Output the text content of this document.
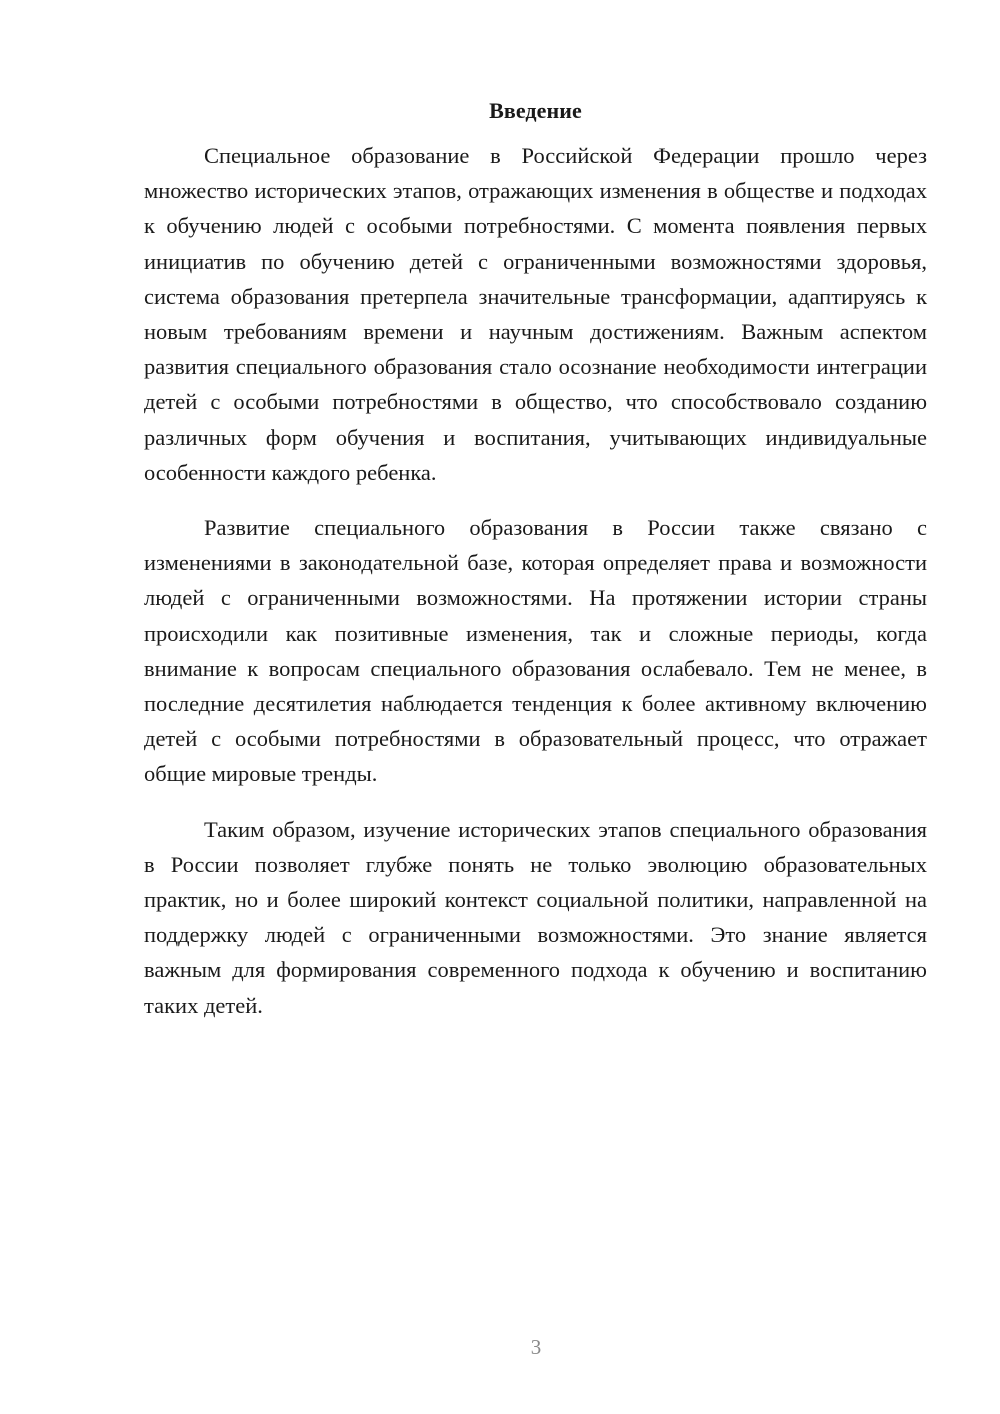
Введение

Специальное образование в Российской Федерации прошло через множество исторических этапов, отражающих изменения в обществе и подходах к обучению людей с особыми потребностями. С момента появления первых инициатив по обучению детей с ограниченными возможностями здоровья, система образования претерпела значительные трансформации, адаптируясь к новым требованиям времени и научным достижениям. Важным аспектом развития специального образования стало осознание необходимости интеграции детей с особыми потребностями в общество, что способствовало созданию различных форм обучения и воспитания, учитывающих индивидуальные особенности каждого ребенка.

Развитие специального образования в России также связано с изменениями в законодательной базе, которая определяет права и возможности людей с ограниченными возможностями. На протяжении истории страны происходили как позитивные изменения, так и сложные периоды, когда внимание к вопросам специального образования ослабевало. Тем не менее, в последние десятилетия наблюдается тенденция к более активному включению детей с особыми потребностями в образовательный процесс, что отражает общие мировые тренды.

Таким образом, изучение исторических этапов специального образования в России позволяет глубже понять не только эволюцию образовательных практик, но и более широкий контекст социальной политики, направленной на поддержку людей с ограниченными возможностями. Это знание является важным для формирования современного подхода к обучению и воспитанию таких детей.

3
